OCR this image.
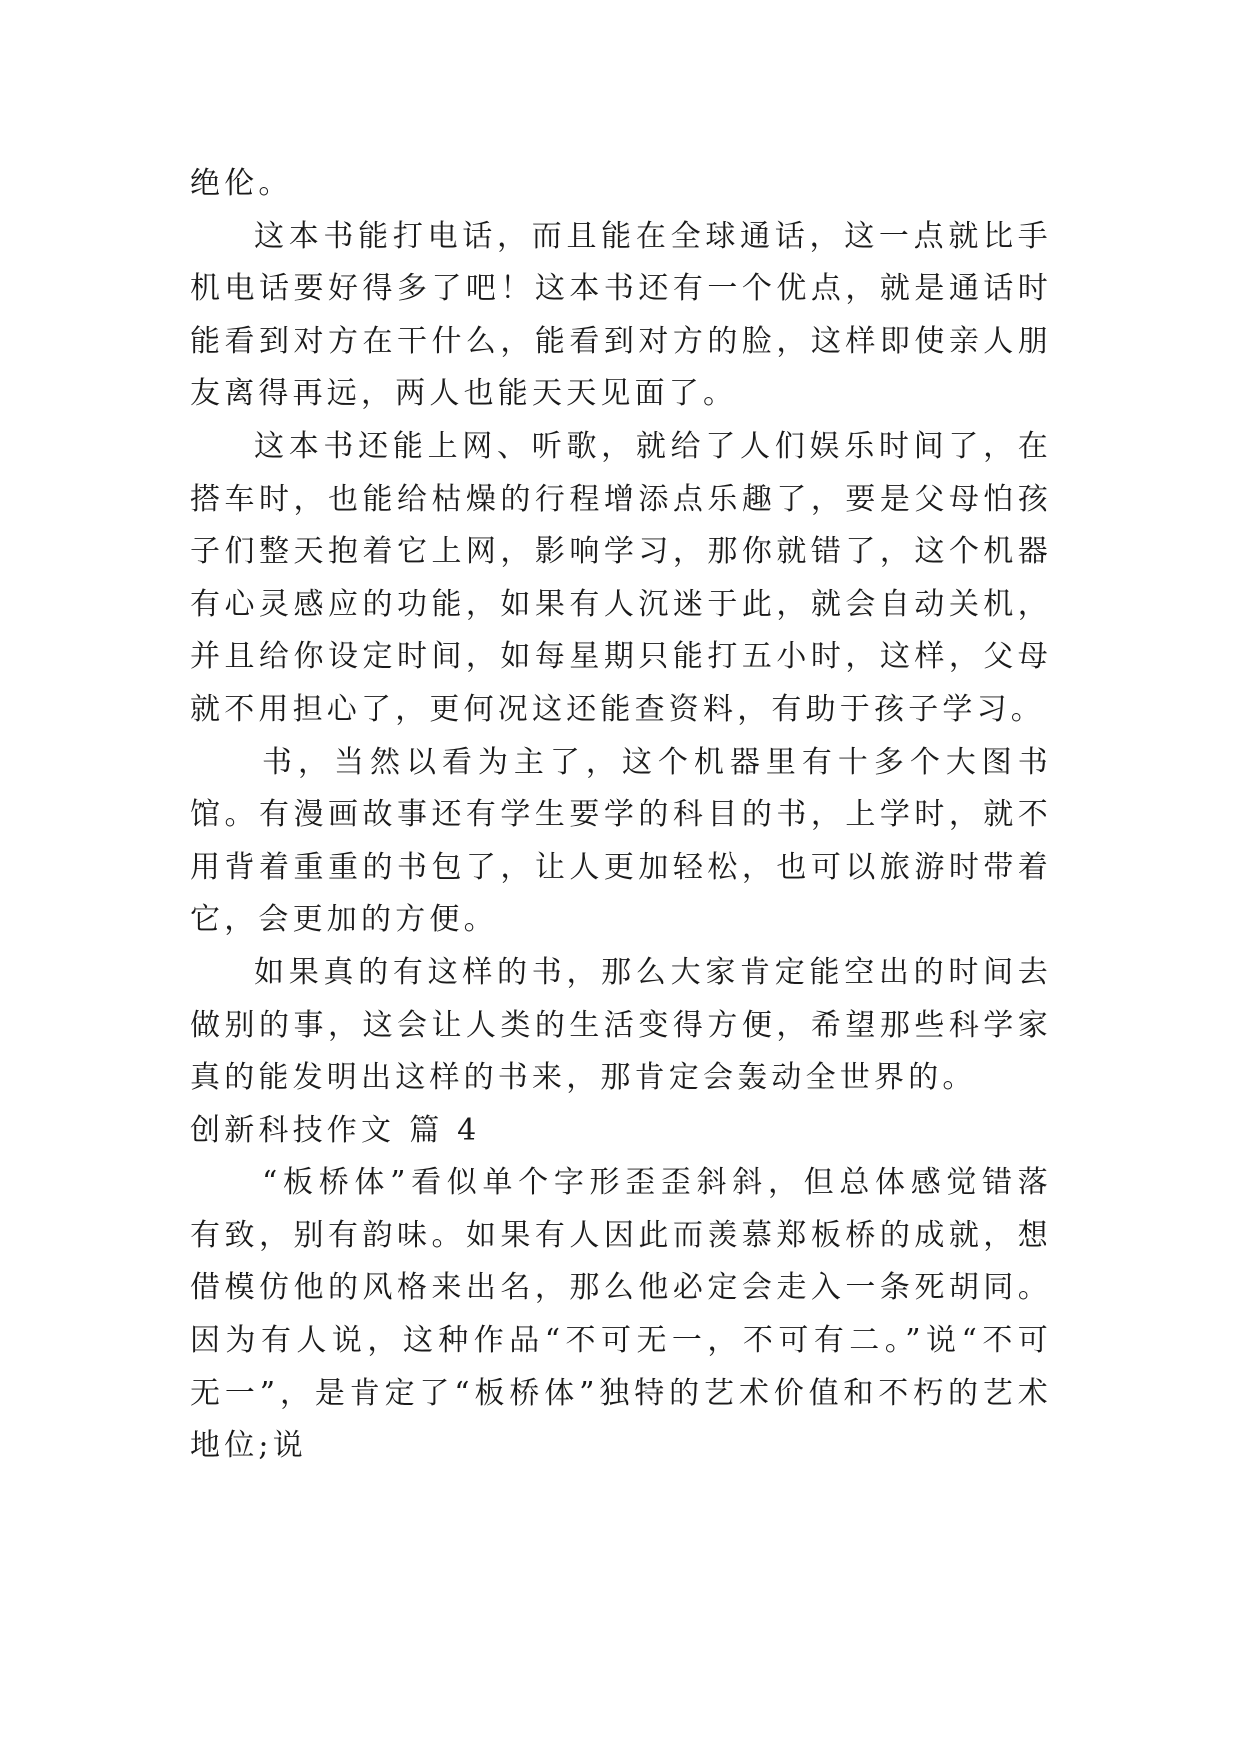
绝伦。

这本书能打电话，而且能在全球通话，这一点就比手机电话要好得多了吧！这本书还有一个优点，就是通话时能看到对方在干什么，能看到对方的脸，这样即使亲人朋友离得再远，两人也能天天见面了。

这本书还能上网、听歌，就给了人们娱乐时间了，在搭车时，也能给枯燥的行程增添点乐趣了，要是父母怕孩子们整天抱着它上网，影响学习，那你就错了，这个机器有心灵感应的功能，如果有人沉迷于此，就会自动关机，并且给你设定时间，如每星期只能打五小时，这样，父母就不用担心了，更何况这还能查资料，有助于孩子学习。

书，当然以看为主了，这个机器里有十多个大图书馆。有漫画故事还有学生要学的科目的书，上学时，就不用背着重重的书包了，让人更加轻松，也可以旅游时带着它，会更加的方便。

如果真的有这样的书，那么大家肯定能空出的时间去做别的事，这会让人类的生活变得方便，希望那些科学家真的能发明出这样的书来，那肯定会轰动全世界的。

创新科技作文 篇 4

“板桥体”看似单个字形歪歪斜斜，但总体感觉错落有致，别有韵味。如果有人因此而羡慕郑板桥的成就，想借模仿他的风格来出名，那么他必定会走入一条死胡同。因为有人说，这种作品“不可无一，不可有二。”说“不可无一”，是肯定了“板桥体”独特的艺术价值和不朽的艺术地位;说
